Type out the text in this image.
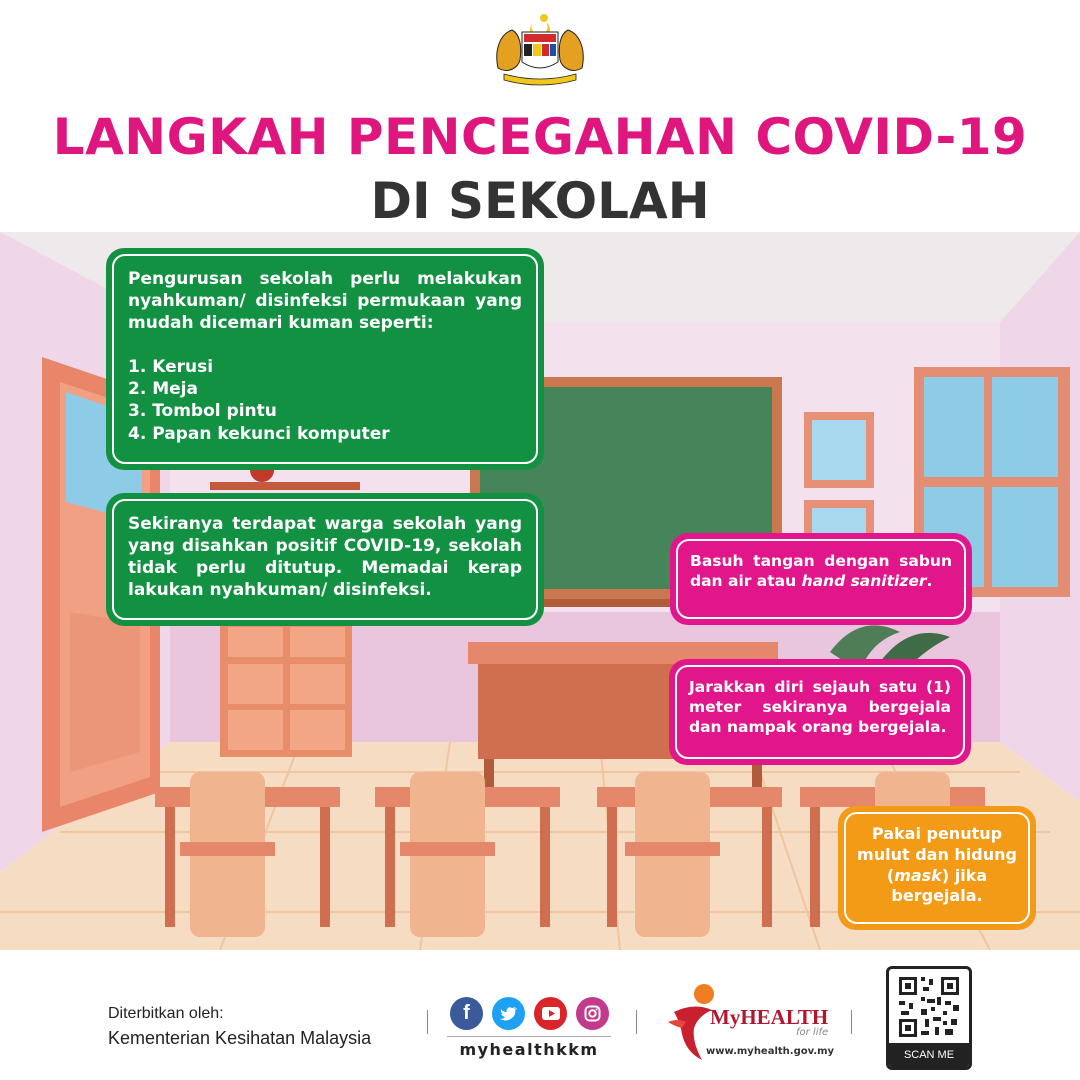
LANGKAH PENCEGAHAN COVID-19
DI SEKOLAH
Pengurusan sekolah perlu melakukan nyahkuman/ disinfeksi permukaan yang mudah dicemari kuman seperti:
1. Kerusi
2. Meja
3. Tombol pintu
4. Papan kekunci komputer
Sekiranya terdapat warga sekolah yang yang disahkan positif COVID-19, sekolah tidak perlu ditutup. Memadai kerap lakukan nyahkuman/ disinfeksi.
Basuh tangan dengan sabun dan air atau hand sanitizer.
Jarakkan diri sejauh satu (1) meter sekiranya bergejala dan nampak orang bergejala.
Pakai penutup mulut dan hidung (mask) jika bergejala.
Diterbitkan oleh:
Kementerian Kesihatan Malaysia
f
myhealthkkm
MyHEALTH
for life
www.myhealth.gov.my	SCAN ME
